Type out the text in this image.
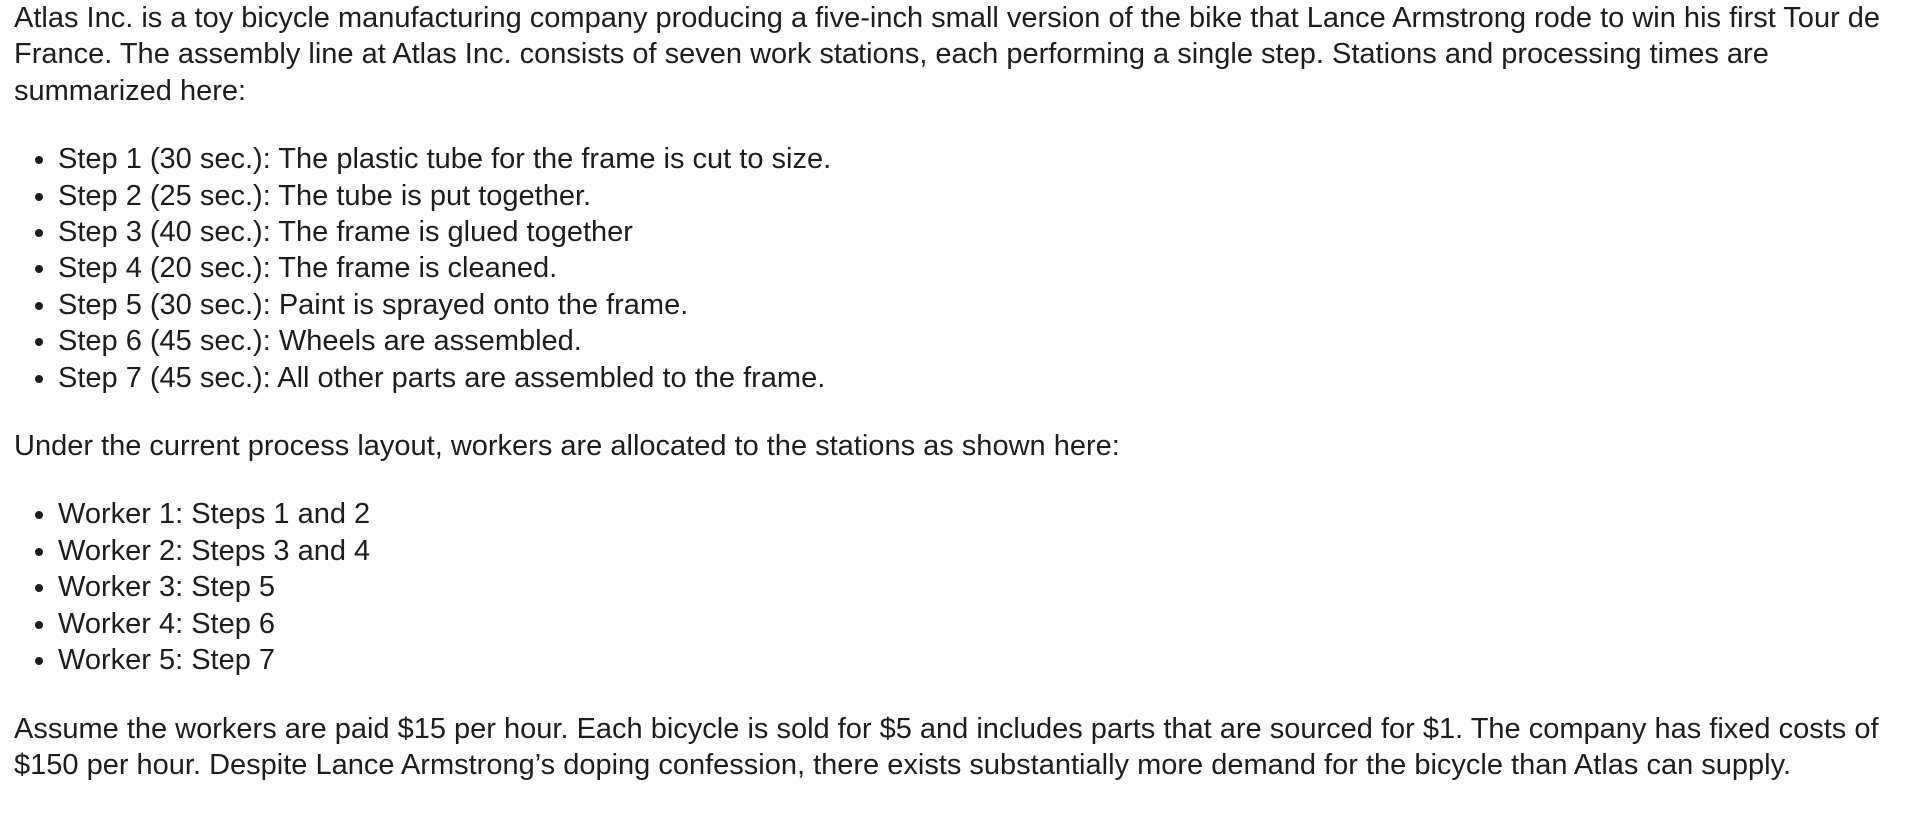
Atlas Inc. is a toy bicycle manufacturing company producing a five-inch small version of the bike that Lance Armstrong rode to win his first Tour de France. The assembly line at Atlas Inc. consists of seven work stations, each performing a single step. Stations and processing times are summarized here:

• Step 1 (30 sec.): The plastic tube for the frame is cut to size.
• Step 2 (25 sec.): The tube is put together.
• Step 3 (40 sec.): The frame is glued together
• Step 4 (20 sec.): The frame is cleaned.
• Step 5 (30 sec.): Paint is sprayed onto the frame.
• Step 6 (45 sec.): Wheels are assembled.
• Step 7 (45 sec.): All other parts are assembled to the frame.

Under the current process layout, workers are allocated to the stations as shown here:

• Worker 1: Steps 1 and 2
• Worker 2: Steps 3 and 4
• Worker 3: Step 5
• Worker 4: Step 6
• Worker 5: Step 7

Assume the workers are paid $15 per hour. Each bicycle is sold for $5 and includes parts that are sourced for $1. The company has fixed costs of $150 per hour. Despite Lance Armstrong’s doping confession, there exists substantially more demand for the bicycle than Atlas can supply.
